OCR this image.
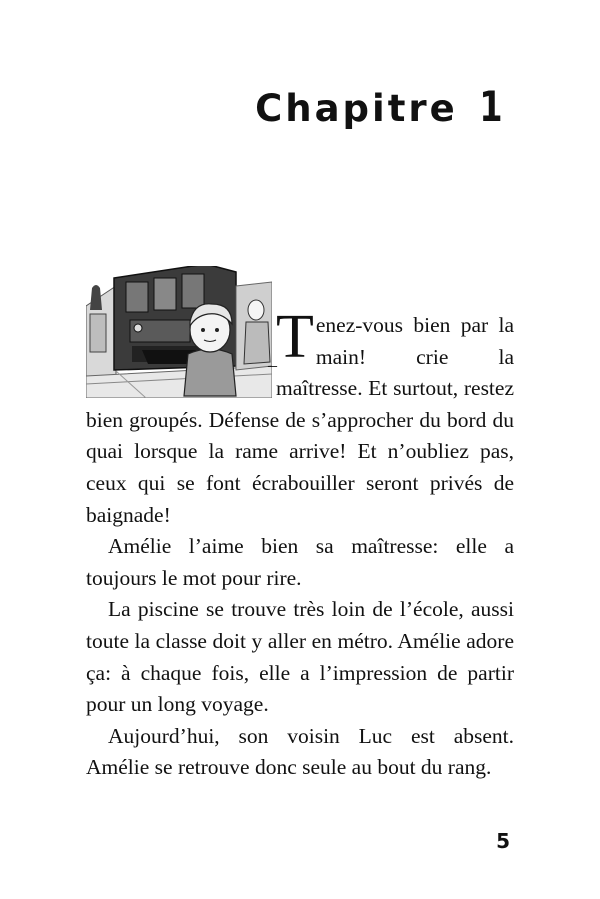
Chapitre 1

– T enez-vous bien par la main! crie la maîtresse. Et surtout, restez bien groupés. Défense de s’approcher du bord du quai lorsque la rame arrive! Et n’oubliez pas, ceux qui se font écrabouiller seront privés de baignade!

Amélie l’aime bien sa maîtresse: elle a toujours le mot pour rire.

La piscine se trouve très loin de l’école, aussi toute la classe doit y aller en métro. Amélie adore ça: à chaque fois, elle a l’impression de partir pour un long voyage.

Aujourd’hui, son voisin Luc est absent. Amélie se retrouve donc seule au bout du rang.

5
